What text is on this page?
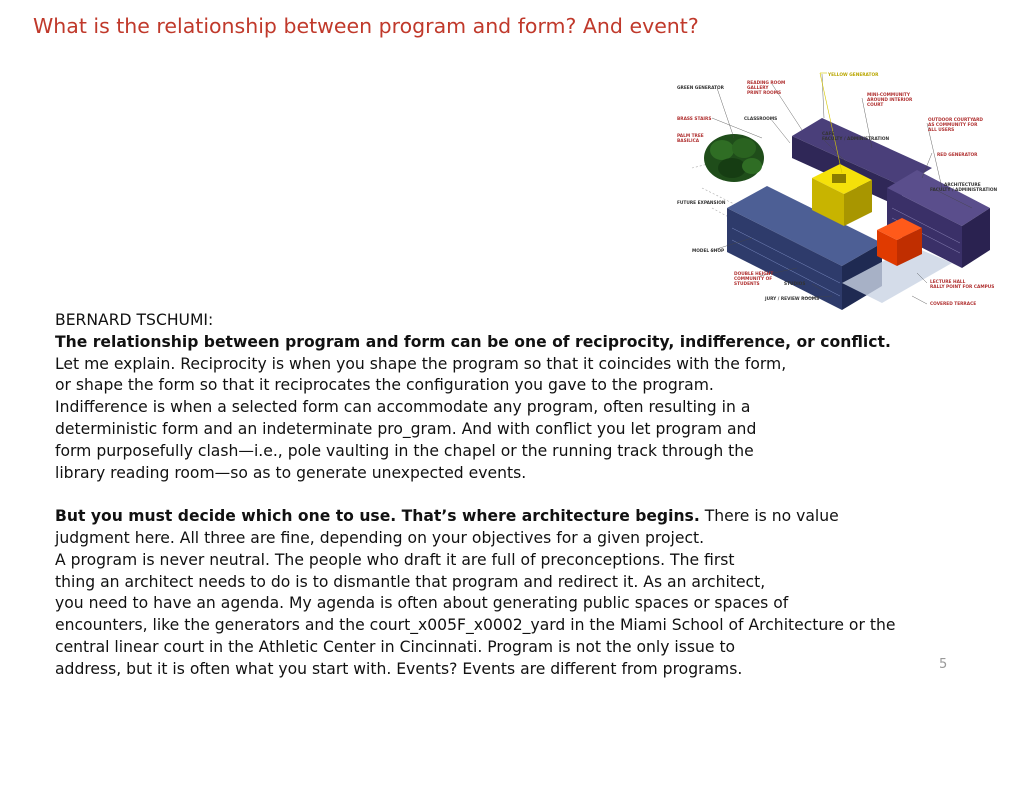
What is the relationship between program and form? And event?
YELLOW GENERATOR
GREEN GENERATOR
READING ROOM
GALLERY
PRINT ROOMS	MINI-COMMUNITY
AROUND INTERIOR
COURT
BRASS STAIRS	CLASSROOMS	OUTDOOR COURTYARD
AS COMMUNITY FOR
ALL USERS
PALM TREE
BASILICA
CAFE
FACULTY / ADMINISTRATION
RED GENERATOR
ARCHITECTURE
FACULTY / ADMINISTRATION
FUTURE EXPANSION
MODEL SHOP
DOUBLE HEIGHT
COMMUNITY OF
STUDENTS	STUDIOS	LECTURE HALL
RALLY POINT FOR CAMPUS
JURY / REVIEW ROOMS
COVERED TERRACE
BERNARD TSCHUMI:
The relationship between program and form can be one of reciprocity, indifference, or conflict.
Let me explain. Reciprocity is when you shape the program so that it coincides with the form,
or shape the form so that it reciprocates the configuration you gave to the program.
Indifference is when a selected form can accommodate any program, often resulting in a
deterministic form and an indeterminate pro_gram. And with conflict you let program and
form purposefully clash—i.e., pole vaulting in the chapel or the running track through the
library reading room—so as to generate unexpected events.
But you must decide which one to use. That’s where architecture begins. There is no value
judgment here. All three are fine, depending on your objectives for a given project.
A program is never neutral. The people who draft it are full of preconceptions. The first
thing an architect needs to do is to dismantle that program and redirect it. As an architect,
you need to have an agenda. My agenda is often about generating public spaces or spaces of
encounters, like the generators and the court_x005F_x0002_yard in the Miami School of Architecture or the
central linear court in the Athletic Center in Cincinnati. Program is not the only issue to
address, but it is often what you start with. Events? Events are different from programs.	5
